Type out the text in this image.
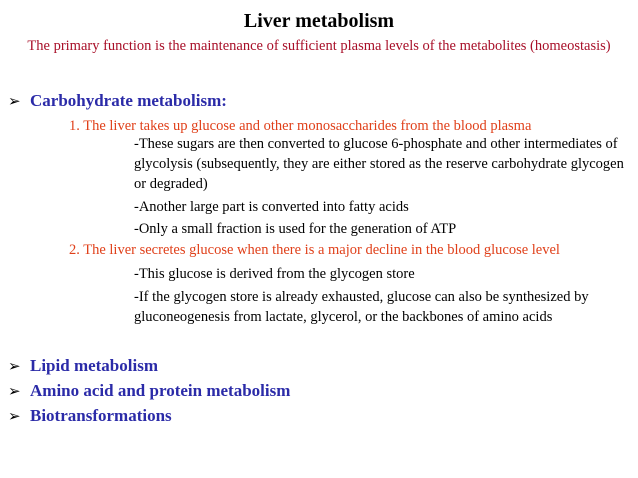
Liver metabolism
The primary function is the maintenance of sufficient plasma levels of the metabolites (homeostasis)
➢ Carbohydrate metabolism:
1. The liver takes up glucose and other monosaccharides from the blood plasma
-These sugars are then converted to glucose 6-phosphate and other intermediates of glycolysis (subsequently, they are either stored as the reserve carbohydrate glycogen or degraded)
-Another large part is converted into fatty acids
-Only a small fraction is used for the generation of ATP
2. The liver secretes glucose when there is a major decline in the blood glucose level
-This glucose is derived from the glycogen store
-If the glycogen store is already exhausted, glucose can also be synthesized by gluconeogenesis from lactate, glycerol, or the backbones of amino acids
➢ Lipid metabolism
➢ Amino acid and protein metabolism
➢ Biotransformations
